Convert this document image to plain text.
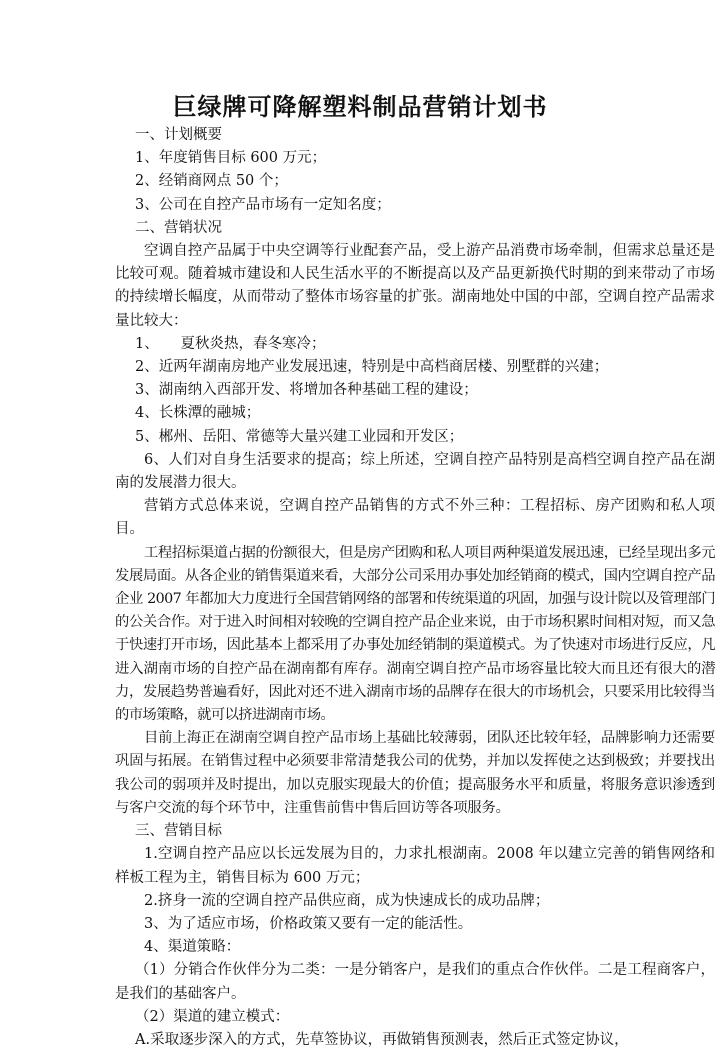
巨绿牌可降解塑料制品营销计划书

一、计划概要

1、年度销售目标 600 万元；

2、经销商网点 50 个；

3、公司在自控产品市场有一定知名度；

二、营销状况

空调自控产品属于中央空调等行业配套产品，受上游产品消费市场牵制，但需求总量还是比较可观。随着城市建设和人民生活水平的不断提高以及产品更新换代时期的到来带动了市场的持续增长幅度，从而带动了整体市场容量的扩张。湖南地处中国的中部，空调自控产品需求量比较大：

1、　　夏秋炎热，春冬寒冷；

2、近两年湖南房地产业发展迅速，特别是中高档商居楼、别墅群的兴建；

3、湖南纳入西部开发、将增加各种基础工程的建设；

4、长株潭的融城；

5、郴州、岳阳、常德等大量兴建工业园和开发区；

6、人们对自身生活要求的提高；综上所述，空调自控产品特别是高档空调自控产品在湖南的发展潜力很大。

营销方式总体来说，空调自控产品销售的方式不外三种：工程招标、房产团购和私人项目。

工程招标渠道占据的份额很大，但是房产团购和私人项目两种渠道发展迅速，已经呈现出多元发展局面。从各企业的销售渠道来看，大部分公司采用办事处加经销商的模式，国内空调自控产品企业 2007 年都加大力度进行全国营销网络的部署和传统渠道的巩固，加强与设计院以及管理部门的公关合作。对于进入时间相对较晚的空调自控产品企业来说，由于市场积累时间相对短，而又急于快速打开市场，因此基本上都采用了办事处加经销制的渠道模式。为了快速对市场进行反应，凡进入湖南市场的自控产品在湖南都有库存。湖南空调自控产品市场容量比较大而且还有很大的潜力，发展趋势普遍看好，因此对还不进入湖南市场的品牌存在很大的市场机会，只要采用比较得当的市场策略，就可以挤进湖南市场。

目前上海正在湖南空调自控产品市场上基础比较薄弱，团队还比较年轻，品牌影响力还需要巩固与拓展。在销售过程中必须要非常清楚我公司的优势，并加以发挥使之达到极致；并要找出我公司的弱项并及时提出，加以克服实现最大的价值；提高服务水平和质量，将服务意识渗透到与客户交流的每个环节中，注重售前售中售后回访等各项服务。

三、营销目标

1.空调自控产品应以长远发展为目的，力求扎根湖南。2008 年以建立完善的销售网络和样板工程为主，销售目标为 600 万元；

2.挤身一流的空调自控产品供应商，成为快速成长的成功品牌；

3、为了适应市场，价格政策又要有一定的能活性。

4、渠道策略：

（1）分销合作伙伴分为二类：一是分销客户，是我们的重点合作伙伴。二是工程商客户，是我们的基础客户。

（2）渠道的建立模式：

A.采取逐步深入的方式，先草签协议，再做销售预测表，然后正式签定协议，
